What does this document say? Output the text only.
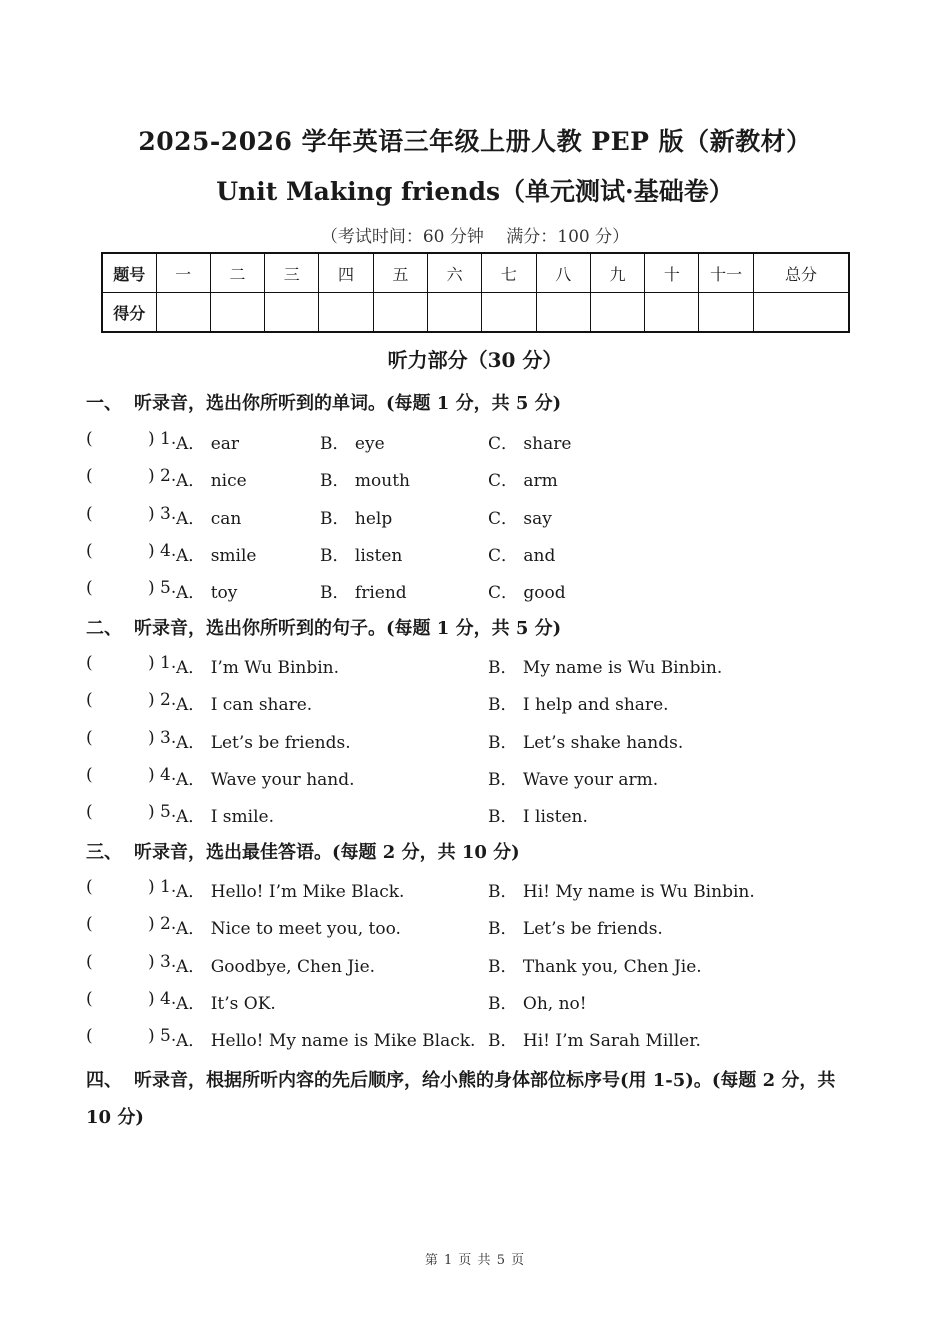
2025-2026 学年英语三年级上册人教 PEP 版（新教材）
Unit Making friends（单元测试·基础卷）
（考试时间：60 分钟　 满分：100 分）
题号	一	二	三	四	五	六	七	八	九	十	十一	总分
得分												
听力部分（30 分）
一、 听录音，选出你所听到的单词。(每题 1 分，共 5 分)
(	) 1. A． ear	B． eye	C． share
(	) 2. A． nice	B． mouth	C． arm
(	) 3. A． can	B． help	C． say
(	) 4. A． smile	B． listen	C． and
(	) 5. A． toy	B． friend	C． good
二、 听录音，选出你所听到的句子。(每题 1 分，共 5 分)
(	) 1. A． I’m Wu Binbin.	B． My name is Wu Binbin.
(	) 2. A． I can share.	B． I help and share.
(	) 3. A． Let’s be friends.	B． Let’s shake hands.
(	) 4. A． Wave your hand.	B． Wave your arm.
(	) 5. A． I smile.	B． I listen.
三、 听录音，选出最佳答语。(每题 2 分，共 10 分)
(	) 1. A． Hello! I’m Mike Black.	B． Hi! My name is Wu Binbin.
(	) 2. A． Nice to meet you, too.	B． Let’s be friends.
(	) 3. A． Goodbye, Chen Jie.	B． Thank you, Chen Jie.
(	) 4. A． It’s OK.	B． Oh, no!
(	) 5. A． Hello! My name is Mike Black. B． Hi! I’m Sarah Miller.
四、 听录音，根据所听内容的先后顺序，给小熊的身体部位标序号(用 1-5)。(每题 2 分，共 10 分)
第 1 页 共 5 页
